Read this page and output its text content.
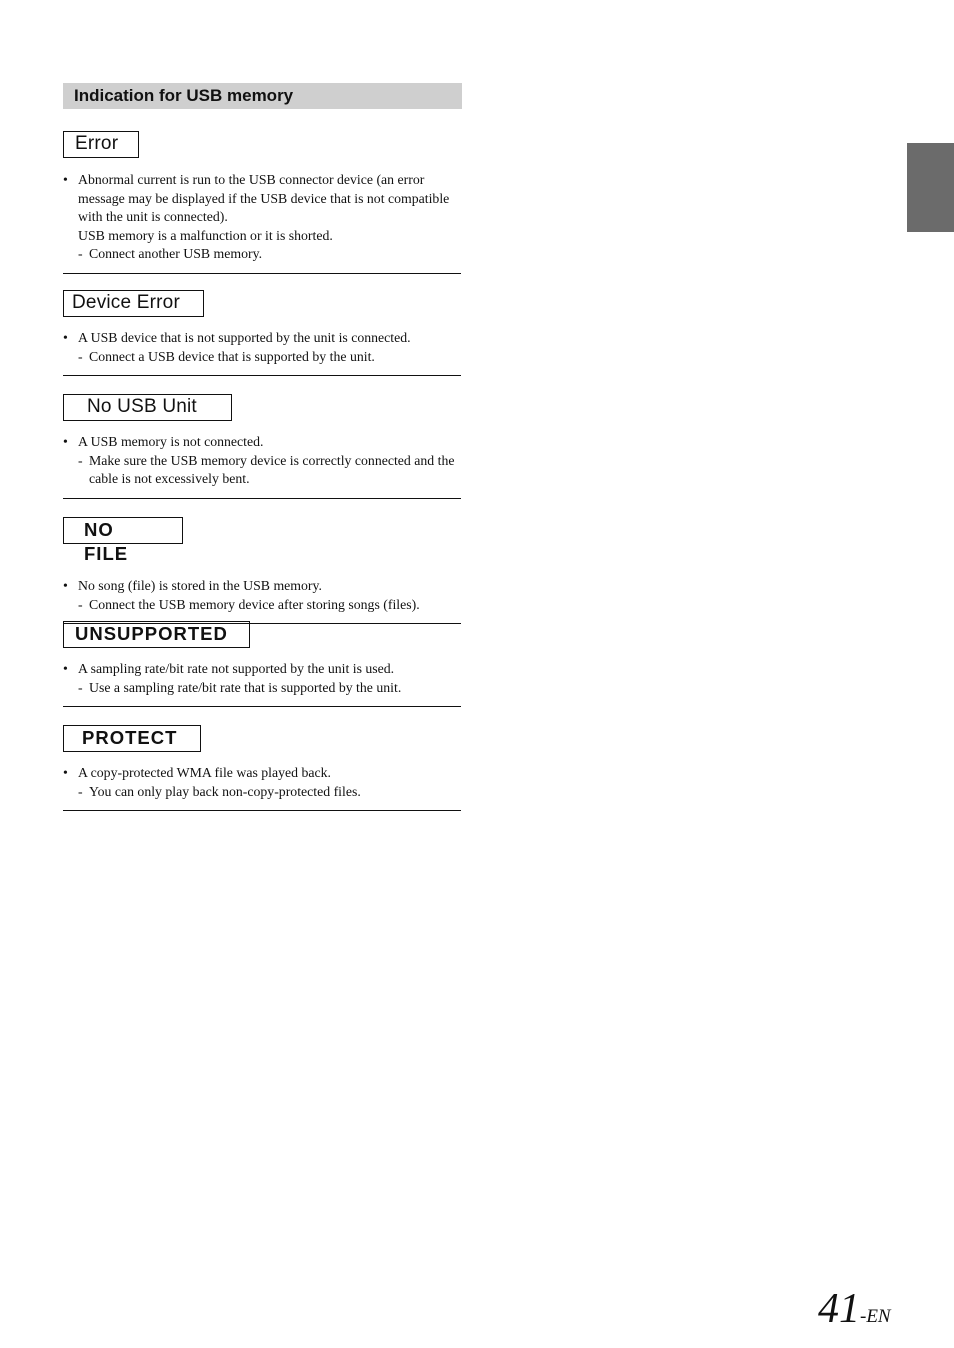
Indication for USB memory
Error
• Abnormal current is run to the USB connector device (an error message may be displayed if the USB device that is not compatible with the unit is connected).
USB memory is a malfunction or it is shorted.
- Connect another USB memory.
Device Error
• A USB device that is not supported by the unit is connected.
- Connect a USB device that is supported by the unit.
No USB Unit
• A USB memory is not connected.
- Make sure the USB memory device is correctly connected and the cable is not excessively bent.
NO FILE
• No song (file) is stored in the USB memory.
- Connect the USB memory device after storing songs (files).
UNSUPPORTED
• A sampling rate/bit rate not supported by the unit is used.
- Use a sampling rate/bit rate that is supported by the unit.
PROTECT
• A copy-protected WMA file was played back.
- You can only play back non-copy-protected files.
41-EN
